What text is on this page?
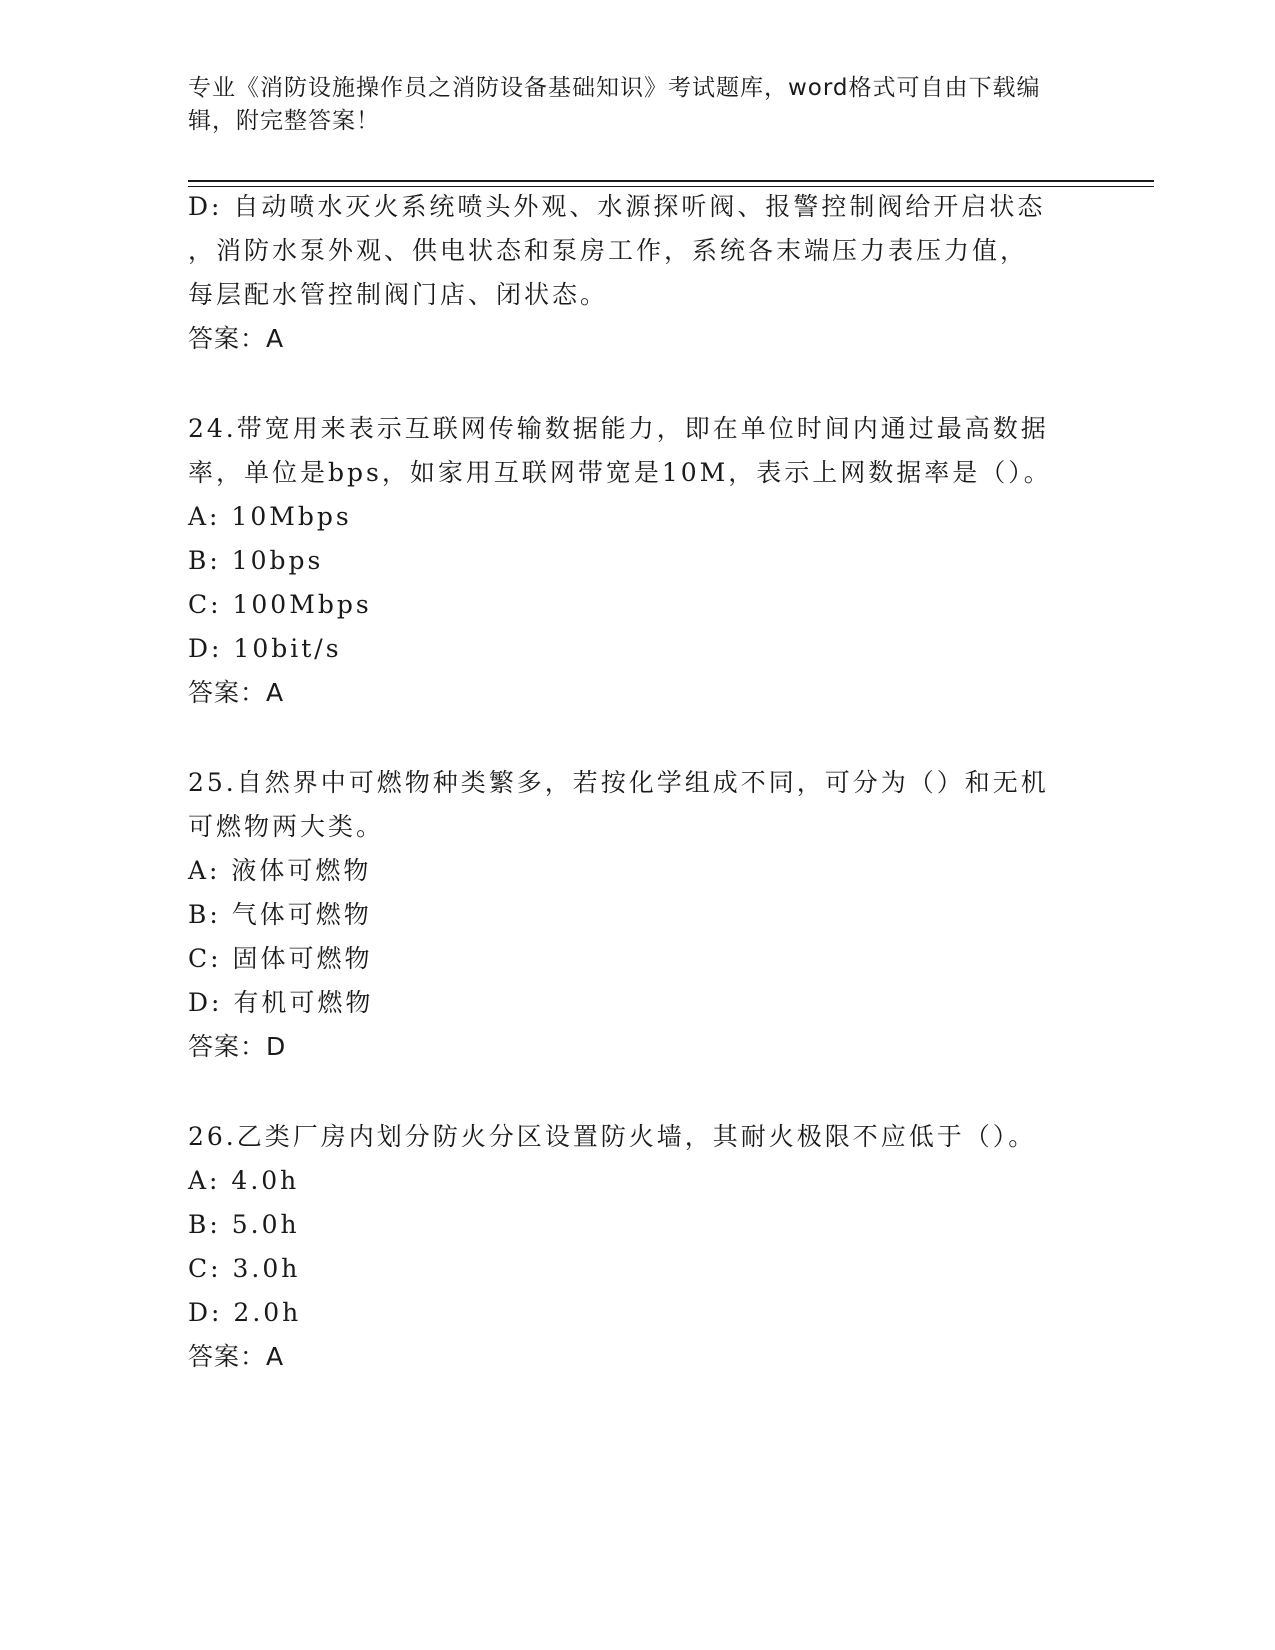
专业《消防设施操作员之消防设备基础知识》考试题库，word格式可自由下载编辑，附完整答案！
D: 自动喷水灭火系统喷头外观、水源探听阀、报警控制阀给开启状态
，消防水泵外观、供电状态和泵房工作，系统各末端压力表压力值，
每层配水管控制阀门店、闭状态。
答案：A
24.带宽用来表示互联网传输数据能力，即在单位时间内通过最高数据
率，单位是bps，如家用互联网带宽是10M，表示上网数据率是（）。
A: 10Mbps
B: 10bps
C: 100Mbps
D: 10bit/s
答案：A
25.自然界中可燃物种类繁多，若按化学组成不同，可分为（）和无机
可燃物两大类。
A: 液体可燃物
B: 气体可燃物
C: 固体可燃物
D: 有机可燃物
答案：D
26.乙类厂房内划分防火分区设置防火墙，其耐火极限不应低于（）。
A: 4.0h
B: 5.0h
C: 3.0h
D: 2.0h
答案：A
